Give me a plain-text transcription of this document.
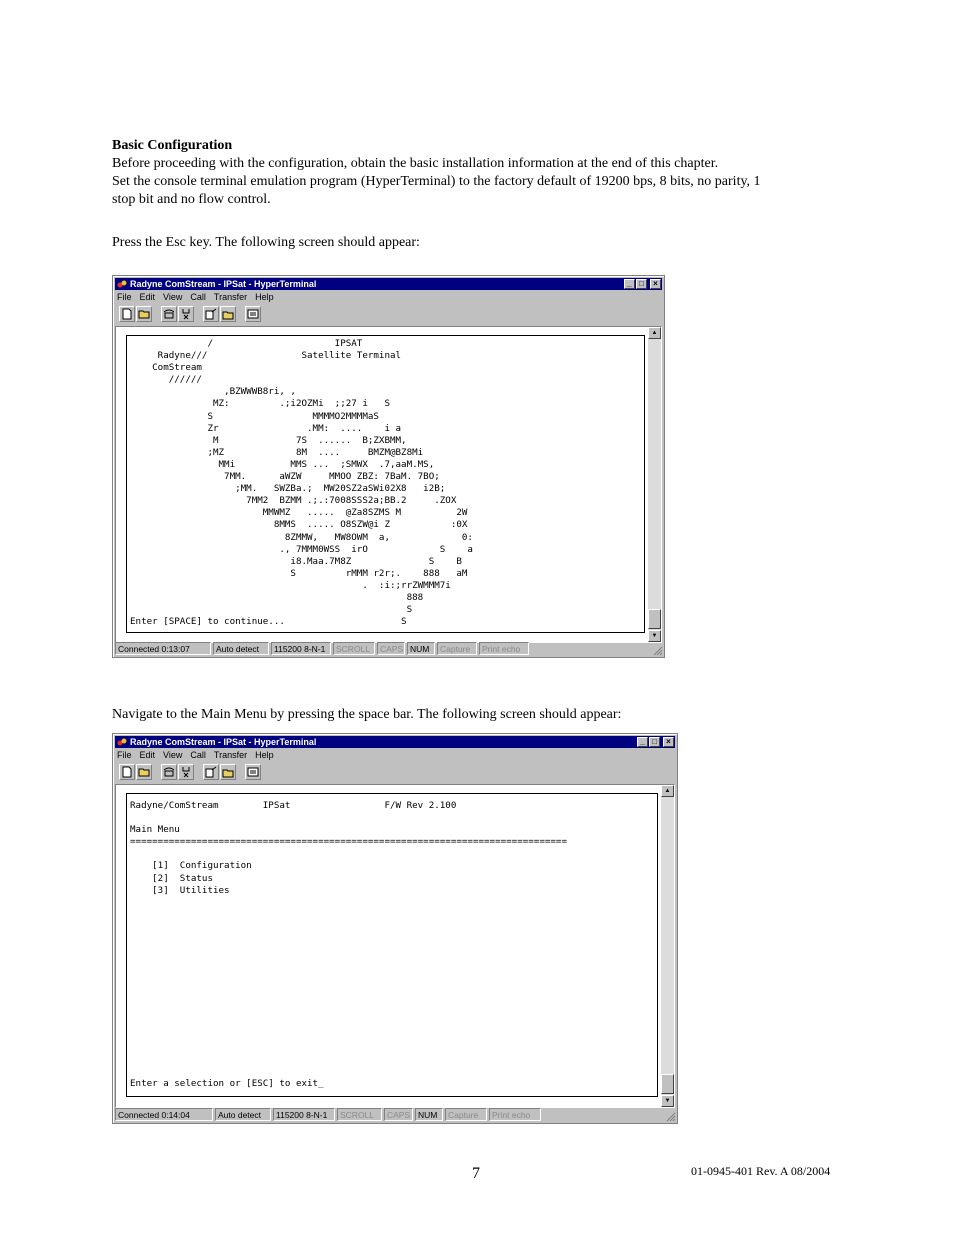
Basic Configuration
Before proceeding with the configuration, obtain the basic installation information at the end of this chapter.
Set the console terminal emulation program (HyperTerminal) to the factory default of 19200 bps, 8 bits, no parity, 1
stop bit and no flow control.
Press the Esc key. The following screen should appear:
Radyne ComStream - IPSat - HyperTerminal	_ □	×
File Edit View Call Transfer Help
/                      IPSAT
Radyne///                 Satellite Terminal
ComStream
//////
,BZWWWB8ri, ,
MZ:         .;i2OZMi  ;;27 i   S
S                  MMMMO2MMMMaS
Zr                .MM:  ....    i a
M              7S  ......  B;ZXBMM,
;MZ             8M  ....     BMZM@BZ8Mi
MMi          MMS ...  ;SMWX  .7,aaM.MS,
7MM.      aWZW     MMOO ZBZ: 7BaM. 7BO;
;MM.   SWZBa.;  MW20SZ2aSWi02X8   i2B;
7MM2  BZMM .;.:7008SSS2a;BB.2     .ZOX
MMWMZ   .....  @Za8SZMS M          2W
8MMS  ..... O8SZW@i Z           :0X
8ZMMW,   MW8OWM  a,             0:
., 7MMM0WSS  irO             S    a
i8.Maa.7M8Z              S    B
S         rMMM r2r;.    888   aM
.  :i:;rrZWMMM7i
888
S
Enter [SPACE] to continue...                     S
▲
▼
Connected 0:13:07	Auto detect	115200 8-N-1	SCROLL	CAPS NUM	Capture	Print echo
Navigate to the Main Menu by pressing the space bar. The following screen should appear:
Radyne ComStream - IPSat - HyperTerminal	_ □	×
File Edit View Call Transfer Help
Radyne/ComStream        IPSat                 F/W Rev 2.100

Main Menu
===============================================================================

[1]  Configuration
[2]  Status
[3]  Utilities

Enter a selection or [ESC] to exit_
▲
▼
Connected 0:14:04	Auto detect	115200 8-N-1	SCROLL	CAPS NUM	Capture	Print echo
7	01-0945-401 Rev. A 08/2004
